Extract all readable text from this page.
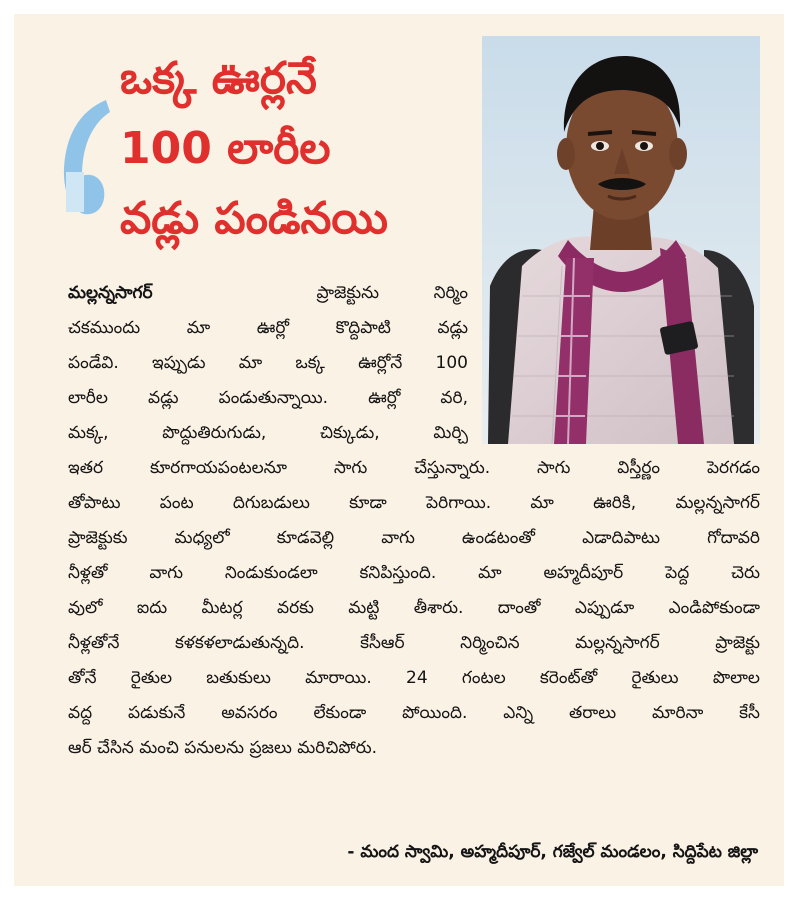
ఒక్క ఊర్లనే
100 లారీల
వడ్లు పండినయి
మల్లన్నసాగర్	ప్రాజెక్టును నిర్మిం
చకముందు మా ఊర్లో కొద్దిపాటి వడ్లు
పండేవి. ఇప్పుడు మా ఒక్క ఊర్లోనే 100
లారీల వడ్లు పండుతున్నాయి. ఊర్లో వరి,
మక్క, పొద్దుతిరుగుడు, చిక్కుడు, మిర్చి
ఇతర కూరగాయపంటలనూ సాగు చేస్తున్నారు. సాగు విస్తీర్ణం పెరగడం
తోపాటు పంట దిగుబడులు కూడా పెరిగాయి. మా ఊరికి, మల్లన్నసాగర్
ప్రాజెక్టుకు మధ్యలో కూడవెల్లి వాగు ఉండటంతో ఎడాదిపాటు గోదావరి
నీళ్లతో వాగు నిండుకుండలా కనిపిస్తుంది. మా అహ్మదీపూర్ పెద్ద చెరు
వులో ఐదు మీటర్ల వరకు మట్టి తీశారు. దాంతో ఎప్పుడూ ఎండిపోకుండా
నీళ్లతోనే కళకళలాడుతున్నది. కేసీఆర్ నిర్మించిన మల్లన్నసాగర్ ప్రాజెక్టు
తోనే రైతుల బతుకులు మారాయి. 24 గంటల కరెంట్‌తో రైతులు పొలాల
వద్ద పడుకునే అవసరం లేకుండా పోయింది. ఎన్ని తరాలు మారినా కేసీ
ఆర్ చేసిన మంచి పనులను ప్రజలు మరిచిపోరు.
- మంద స్వామి, అహ్మదీపూర్, గజ్వేల్ మండలం, సిద్దిపేట జిల్లా
